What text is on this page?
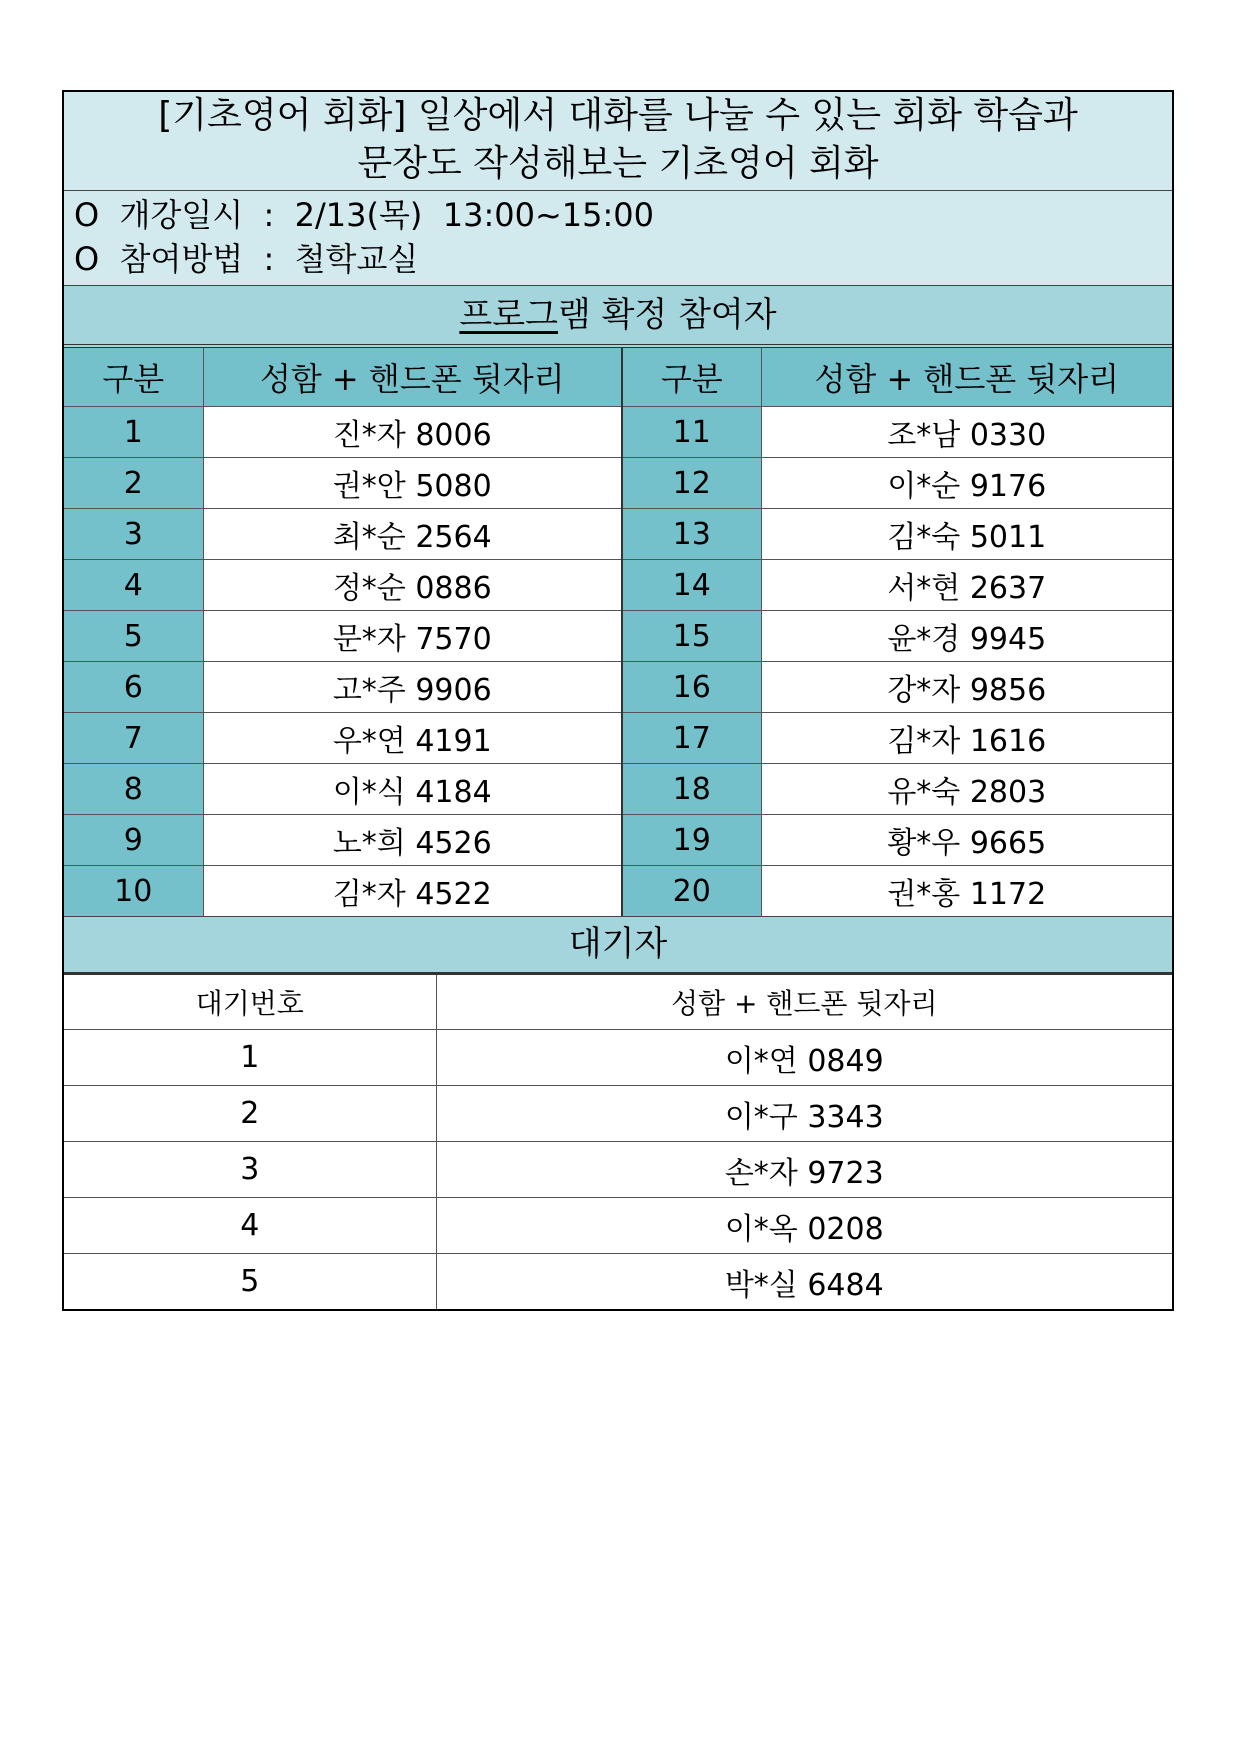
[기초영어 회화] 일상에서 대화를 나눌 수 있는 회화 학습과
문장도 작성해보는 기초영어 회화
O  개강일시  :  2/13(목)  13:00~15:00
O  참여방법  :  철학교실
프로그램 확정 참여자
구분	성함 + 핸드폰 뒷자리	구분	성함 + 핸드폰 뒷자리
1	진*자 8006	11	조*남 0330
2	권*안 5080	12	이*순 9176
3	최*순 2564	13	김*숙 5011
4	정*순 0886	14	서*현 2637
5	문*자 7570	15	윤*경 9945
6	고*주 9906	16	강*자 9856
7	우*연 4191	17	김*자 1616
8	이*식 4184	18	유*숙 2803
9	노*희 4526	19	황*우 9665
10	김*자 4522	20	권*홍 1172
대기자
대기번호	성함 + 핸드폰 뒷자리
1	이*연 0849
2	이*구 3343
3	손*자 9723
4	이*옥 0208
5	박*실 6484
